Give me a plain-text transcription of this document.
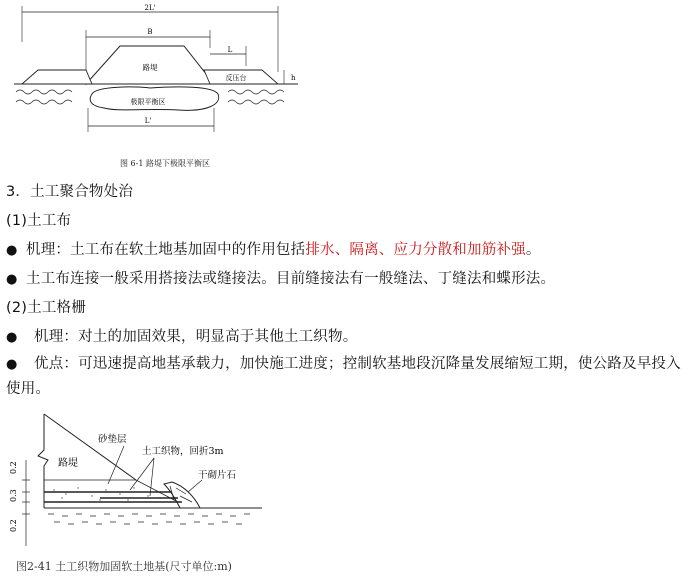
2L'
B
L
路堤
反压台	h
极限平衡区
L'
图 6-1 路堤下极限平衡区
3．土工聚合物处治
(1)土工布
● 机理：土工布在软土地基加固中的作用包括排水、隔离、应力分散和加筋补强。
● 土工布连接一般采用搭接法或缝接法。目前缝接法有一般缝法、丁缝法和蝶形法。
(2)土工格栅
● 机理：对土的加固效果，明显高于其他土工织物。
● 优点：可迅速提高地基承载力，加快施工进度；控制软基地段沉降量发展缩短工期，使公路及早投入使用。
路堤
砂垫层
土工织物，回折3m
干砌片石
0.2
0.3
0.2
图2-41 土工织物加固软土地基(尺寸单位:m)
